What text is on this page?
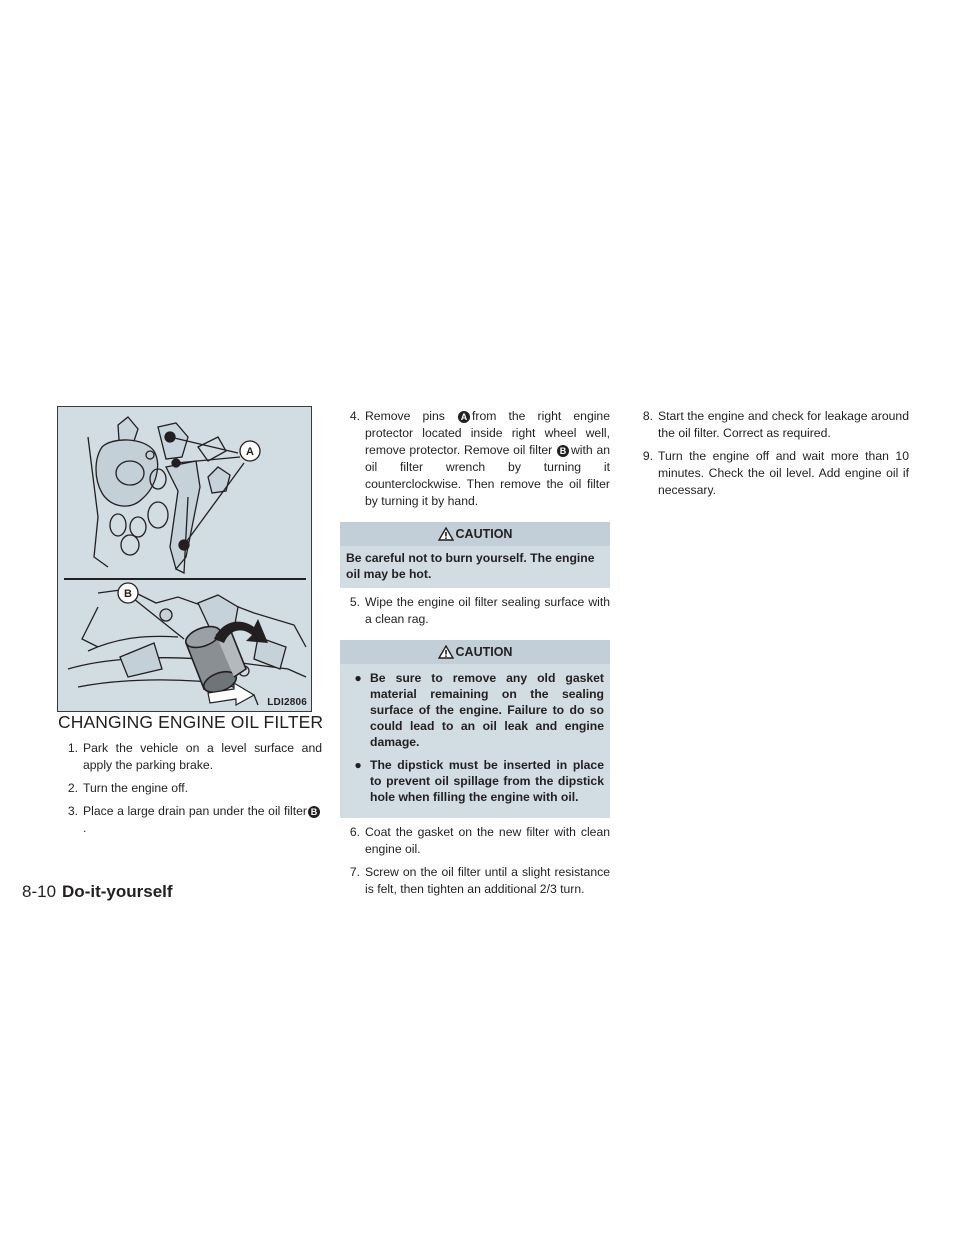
A
B
LDI2806
CHANGING ENGINE OIL FILTER
1. Park the vehicle on a level surface and apply the parking brake.
2. Turn the engine off.
3. Place a large drain pan under the oil filter B.
4. Remove pins A from the right engine protector located inside right wheel well, remove protector. Remove oil filter B with an oil filter wrench by turning it counterclockwise. Then remove the oil filter by turning it by hand.
CAUTION
Be careful not to burn yourself. The engine oil may be hot.
5. Wipe the engine oil filter sealing surface with a clean rag.
CAUTION
● Be sure to remove any old gasket material remaining on the sealing surface of the engine. Failure to do so could lead to an oil leak and engine damage.
● The dipstick must be inserted in place to prevent oil spillage from the dipstick hole when filling the engine with oil.
6. Coat the gasket on the new filter with clean engine oil.
7. Screw on the oil filter until a slight resistance is felt, then tighten an additional 2/3 turn.
8. Start the engine and check for leakage around the oil filter. Correct as required.
9. Turn the engine off and wait more than 10 minutes. Check the oil level. Add engine oil if necessary.
8-10 Do-it-yourself
